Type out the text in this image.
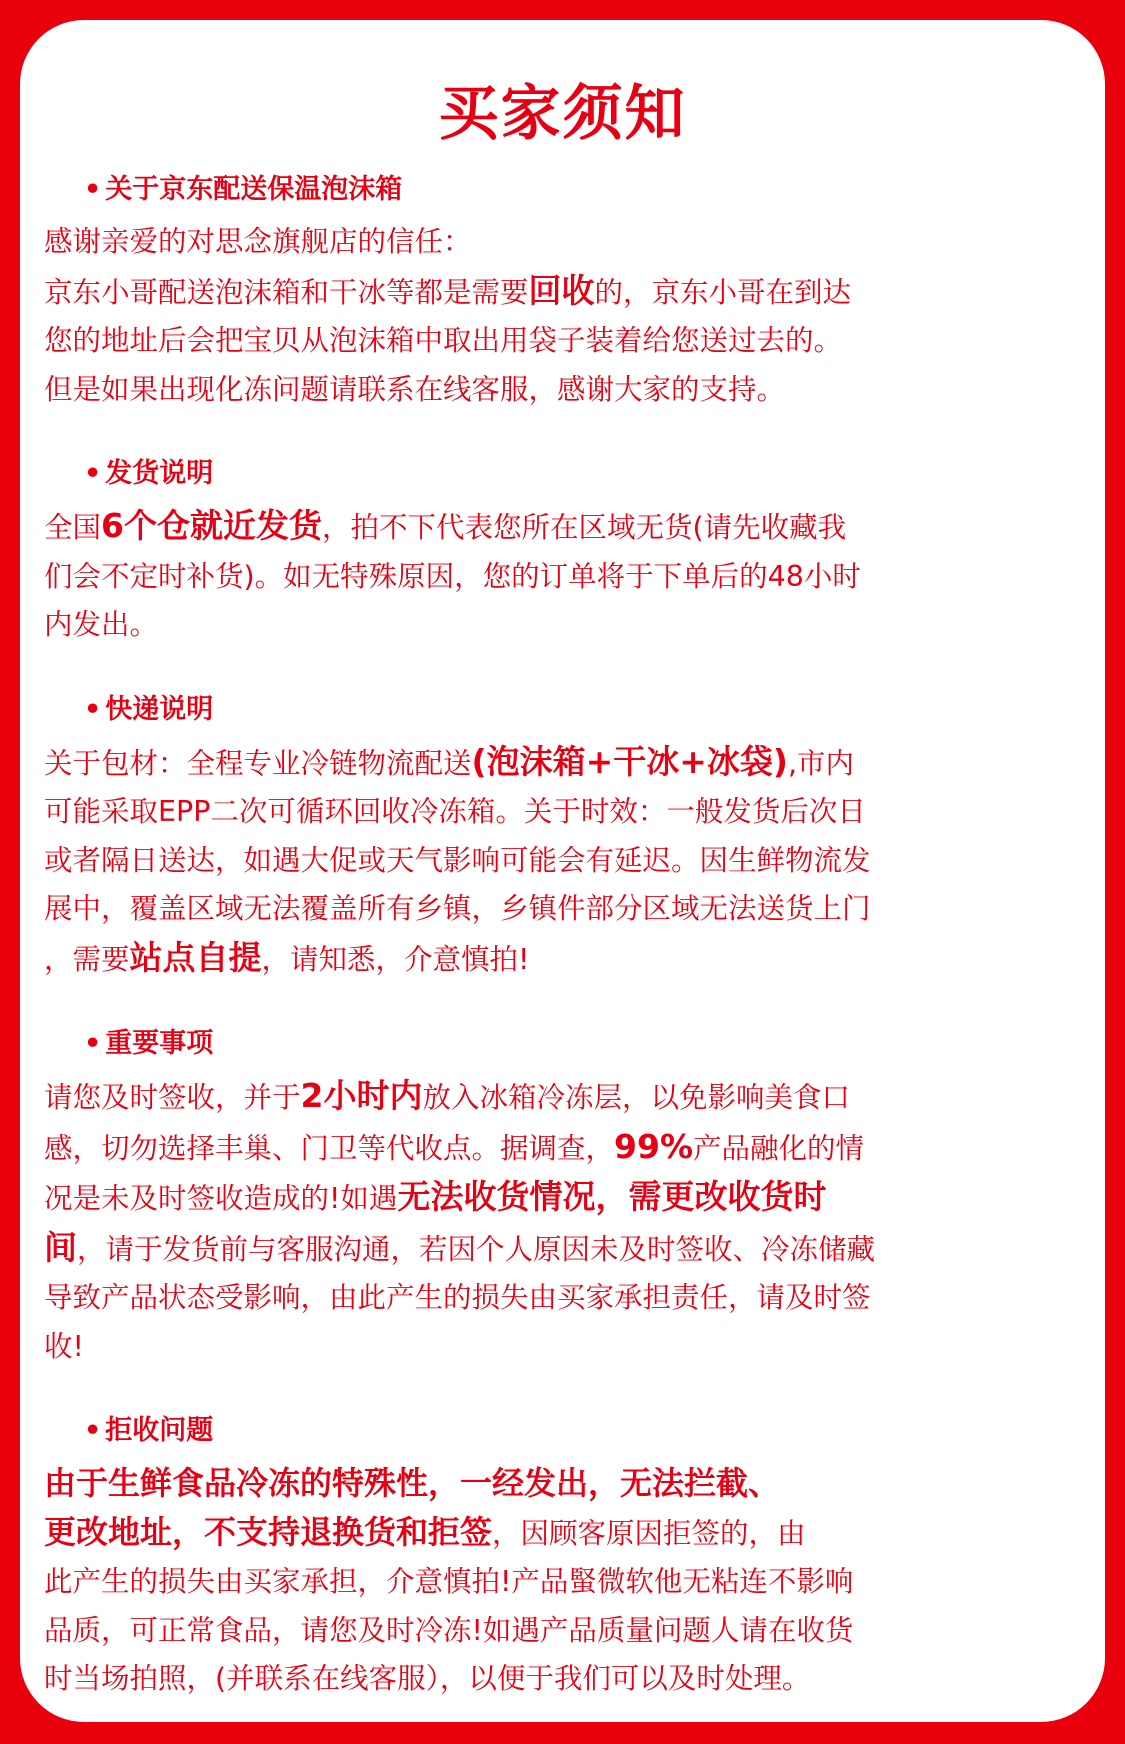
买家须知
• 关于京东配送保温泡沫箱

感谢亲爱的对思念旗舰店的信任：

京东小哥配送泡沫箱和干冰等都是需要回收的，京东小哥在到达

您的地址后会把宝贝从泡沫箱中取出用袋子装着给您送过去的。

但是如果出现化冻问题请联系在线客服，感谢大家的支持。

• 发货说明

全国6个仓就近发货，拍不下代表您所在区域无货(请先收藏我

们会不定时补货)。如无特殊原因，您的订单将于下单后的48小时

内发出。

• 快递说明

关于包材：全程专业冷链物流配送(泡沫箱+干冰+冰袋),市内

可能采取EPP二次可循环回收冷冻箱。关于时效：一般发货后次日

或者隔日送达，如遇大促或天气影响可能会有延迟。因生鲜物流发

展中，覆盖区域无法覆盖所有乡镇，乡镇件部分区域无法送货上门

，需要站点自提，请知悉，介意慎拍!

• 重要事项

请您及时签收，并于2小时内放入冰箱冷冻层，以免影响美食口

感，切勿选择丰巢、门卫等代收点。据调查，99%产品融化的情

况是未及时签收造成的!如遇无法收货情况，需更改收货时

间，请于发货前与客服沟通，若因个人原因未及时签收、冷冻储藏

导致产品状态受影响，由此产生的损失由买家承担责任，请及时签

收!

• 拒收问题

由于生鲜食品冷冻的特殊性，一经发出，无法拦截、

更改地址，不支持退换货和拒签，因顾客原因拒签的，由

此产生的损失由买家承担，介意慎拍!产品蜸微软他无粘连不影响

品质，可正常食品，请您及时冷冻!如遇产品质量问题人请在收货

时当场拍照，(并联系在线客服），以便于我们可以及时处理。
